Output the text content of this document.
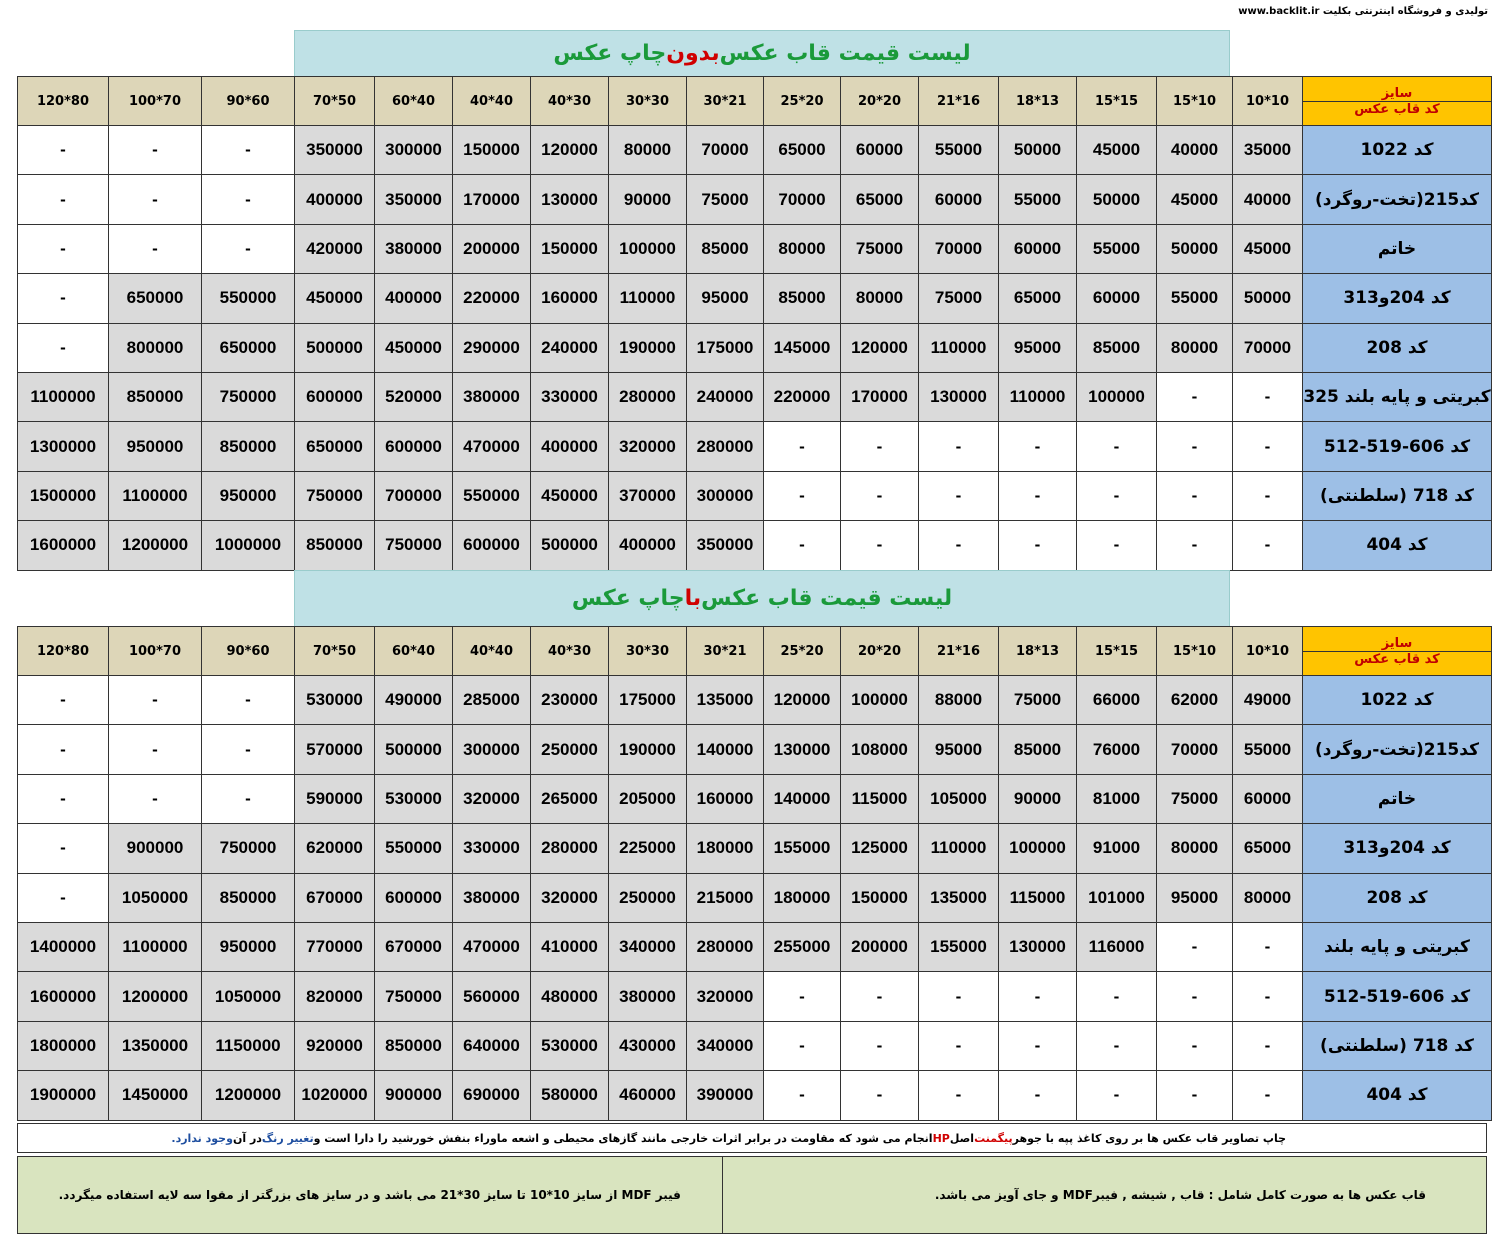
تولیدی و فروشگاه اینترنتی بکلیت www.backlit.ir
لیست قیمت قاب عکس
بدون
چاپ عکس
سایز
کد قاب عکس	10*10	10*15	15*15	13*18	16*21	20*20	20*25	21*30	30*30	30*40	40*40	40*60	50*70	60*90	70*100	80*120
کد 1022	35000	40000	45000	50000	55000	60000	65000	70000	80000	120000	150000	300000	350000	-	-	-
کد215(تخت-روگرد)	40000	45000	50000	55000	60000	65000	70000	75000	90000	130000	170000	350000	400000	-	-	-
خاتم	45000	50000	55000	60000	70000	75000	80000	85000	100000	150000	200000	380000	420000	-	-	-
کد 204و313	50000	55000	60000	65000	75000	80000	85000	95000	110000	160000	220000	400000	450000	550000	650000	-
کد 208	70000	80000	85000	95000	110000	120000	145000	175000	190000	240000	290000	450000	500000	650000	800000	-
کبریتی و پایه بلند 325	-	-	100000	110000	130000	170000	220000	240000	280000	330000	380000	520000	600000	750000	850000	1100000
کد 606-519-512	-	-	-	-	-	-	-	280000	320000	400000	470000	600000	650000	850000	950000	1300000
کد 718 (سلطنتی)	-	-	-	-	-	-	-	300000	370000	450000	550000	700000	750000	950000	1100000	1500000
کد 404	-	-	-	-	-	-	-	350000	400000	500000	600000	750000	850000	1000000	1200000	1600000
لیست قیمت قاب عکس
با
چاپ عکس
سایز
کد قاب عکس	10*10	10*15	15*15	13*18	16*21	20*20	20*25	21*30	30*30	30*40	40*40	40*60	50*70	60*90	70*100	80*120
کد 1022	49000	62000	66000	75000	88000	100000	120000	135000	175000	230000	285000	490000	530000	-	-	-
کد215(تخت-روگرد)	55000	70000	76000	85000	95000	108000	130000	140000	190000	250000	300000	500000	570000	-	-	-
خاتم	60000	75000	81000	90000	105000	115000	140000	160000	205000	265000	320000	530000	590000	-	-	-
کد 204و313	65000	80000	91000	100000	110000	125000	155000	180000	225000	280000	330000	550000	620000	750000	900000	-
کد 208	80000	95000	101000	115000	135000	150000	180000	215000	250000	320000	380000	600000	670000	850000	1050000	-
کبریتی و پایه بلند	-	-	116000	130000	155000	200000	255000	280000	340000	410000	470000	670000	770000	950000	1100000	1400000
کد 606-519-512	-	-	-	-	-	-	-	320000	380000	480000	560000	750000	820000	1050000	1200000	1600000
کد 718 (سلطنتی)	-	-	-	-	-	-	-	340000	430000	530000	640000	850000	920000	1150000	1350000	1800000
کد 404	-	-	-	-	-	-	-	390000	460000	580000	690000	900000	1020000	1200000	1450000	1900000
چاپ تصاویر قاب عکس ها بر روی کاغذ پپه با جوهر
پیگمنت
اصل
HP
انجام می شود که مقاومت در برابر اثرات خارجی مانند گازهای محیطی و اشعه ماوراء بنفش خورشید را دارا است و
تغییر رنگ
در آن
وجود ندارد.
قاب عکس ها به صورت کامل شامل : قاب , شیشه , فیبرMDF و جای آویز می باشد.
فیبر MDF از سایز 10*10 تا سایز 30*21 می باشد و در سایز های بزرگتر از مقوا سه لایه استفاده میگردد.
